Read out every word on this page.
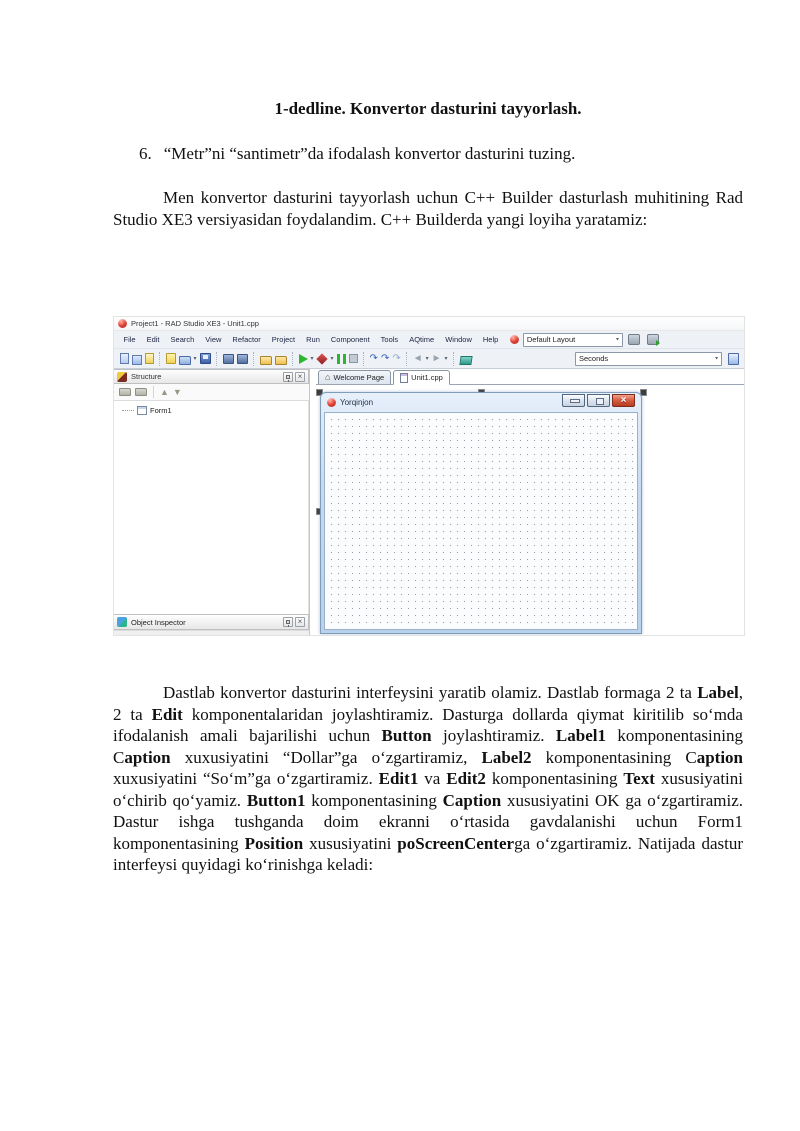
1-dedline. Konvertor dasturini tayyorlash.
6. “Metr”ni “santimetr”da ifodalash konvertor dasturini tuzing.
Men konvertor dasturini tayyorlash uchun C++ Builder dasturlash muhitining Rad Studio XE3 versiyasidan foydalandim. C++ Builderda yangi loyiha yaratamiz:
Project1 - RAD Studio XE3 - Unit1.cpp
File	Edit	Search	View	Refactor	Project	Run	Component	Tools	AQtime	Window	Help	Default Layout	▾
▾
▾
▾
↷
↷
↷
◄
▾
►
▾
Seconds	▾
Structure
×
▲
▼
Form1
Object Inspector
×
⌂
Welcome Page	Unit1.cpp
Yorqinjon
×
Dastlab konvertor dasturini interfeysini yaratib olamiz. Dastlab formaga 2 ta Label, 2 ta Edit komponentalaridan joylashtiramiz. Dasturga dollarda qiymat kiritilib so‘mda ifodalanish amali bajarilishi uchun Button joylashtiramiz. Label1 komponentasining Caption xuxusiyatini “Dollar”ga o‘zgartiramiz, Label2 komponentasining Caption xuxusiyatini “So‘m”ga o‘zgartiramiz. Edit1 va Edit2 komponentasining Text xususiyatini o‘chirib qo‘yamiz. Button1 komponentasining Caption xususiyatini OK ga o‘zgartiramiz. Dastur ishga tushganda doim ekranni o‘rtasida gavdalanishi uchun Form1 komponentasining Position xususiyatini poScreenCenterga o‘zgartiramiz. Natijada dastur interfeysi quyidagi ko‘rinishga keladi:
